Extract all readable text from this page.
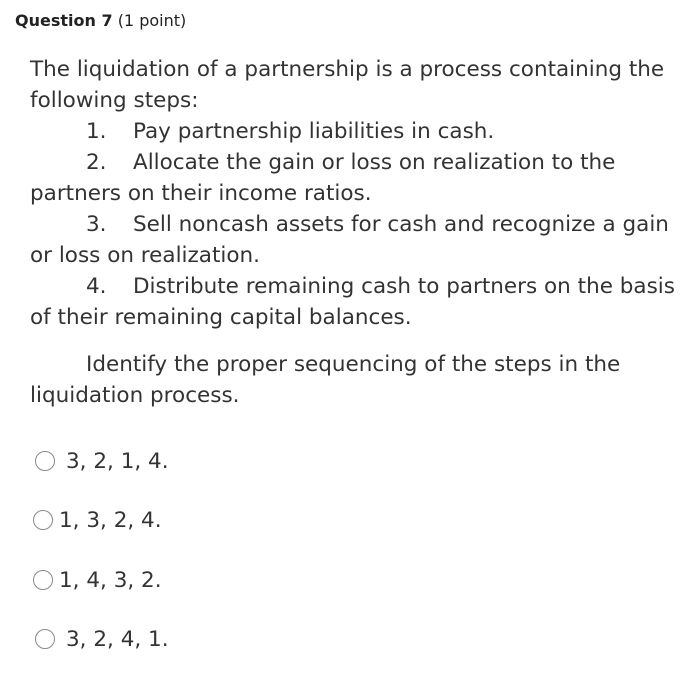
Question 7 (1 point)

The liquidation of a partnership is a process containing the

following steps:

1. Pay partnership liabilities in cash.

2. Allocate the gain or loss on realization to the

partners on their income ratios.

3. Sell noncash assets for cash and recognize a gain

or loss on realization.

4. Distribute remaining cash to partners on the basis

of their remaining capital balances.

Identify the proper sequencing of the steps in the

liquidation process.

3, 2, 1, 4.
1, 3, 2, 4.
1, 4, 3, 2.
3, 2, 4, 1.
